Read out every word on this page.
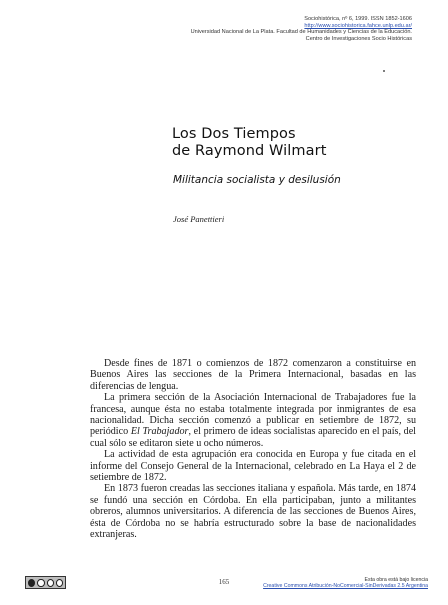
Sociohistórica, nº 6, 1999. ISSN 1852-1606
http://www.sociohistorica.fahce.unlp.edu.ar/
Universidad Nacional de La Plata. Facultad de Humanidades y Ciencias de la Educación.
Centro de Investigaciones Socio Históricas
Los Dos Tiempos
de Raymond Wilmart
Militancia socialista y desilusión
José Panettieri

Desde fines de 1871 o comienzos de 1872 comenzaron a constituirse en Buenos Aires las secciones de la Primera Internacional, basadas en las diferencias de lengua.

La primera sección de la Asociación Internacional de Trabajadores fue la francesa, aunque ésta no estaba totalmente integrada por inmigrantes de esa nacionalidad. Dicha sección comenzó a publicar en setiembre de 1872, su periódico El Trabajador, el primero de ideas socialistas aparecido en el país, del cual sólo se editaron siete u ocho números.

La actividad de esta agrupación era conocida en Europa y fue citada en el informe del Consejo General de la Internacional, celebrado en La Haya el 2 de setiembre de 1872.

En 1873 fueron creadas las secciones italiana y española. Más tarde, en 1874 se fundó una sección en Córdoba. En ella participaban, junto a militantes obreros, alumnos universitarios. A diferencia de las secciones de Buenos Aires, ésta de Córdoba no se habría estructurado sobre la base de nacionalidades extranjeras.

165	Esta obra está bajo licencia
Creative Commons Atribución-NoComercial-SinDerivadas 2.5 Argentina
